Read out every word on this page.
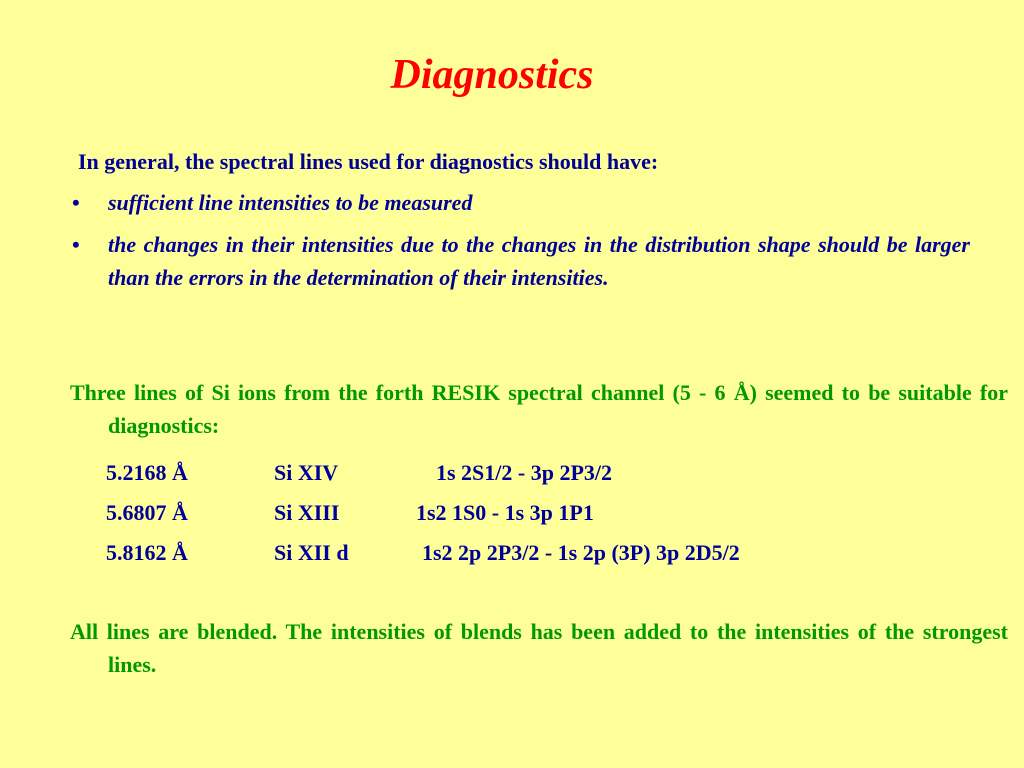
Diagnostics

In general, the spectral lines used for diagnostics should have:

• sufficient line intensities to be measured
• the changes in their intensities due to the changes in the distribution shape should be larger than the errors in the determination of their intensities.

Three lines of Si ions from the forth RESIK spectral channel (5 - 6 Å) seemed to be suitable for diagnostics:

5.2168 Å	Si XIV	1s 2S1/2 - 3p 2P3/2
5.6807 Å	Si XIII	1s2 1S0 - 1s 3p 1P1
5.8162 Å	Si XII d	1s2 2p 2P3/2 - 1s 2p (3P) 3p 2D5/2

All lines are blended. The intensities of blends has been added to the intensities of the strongest lines.
